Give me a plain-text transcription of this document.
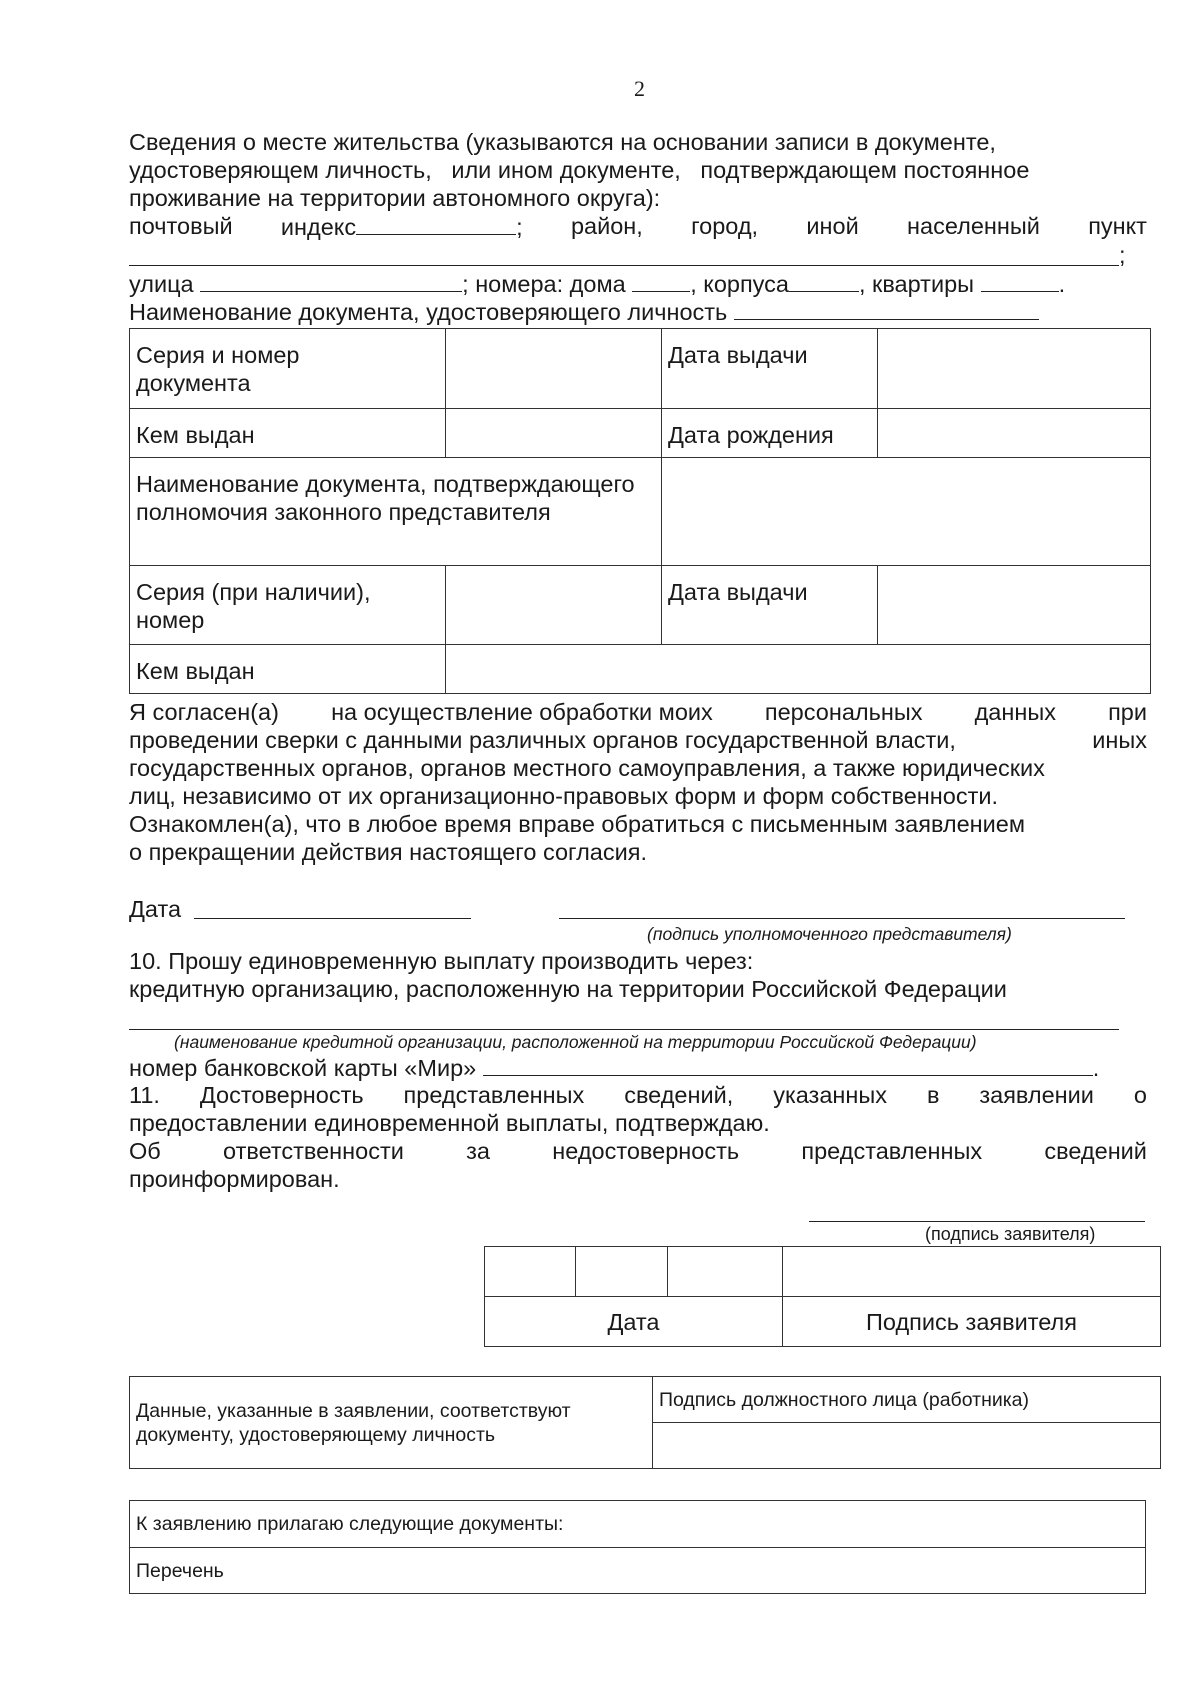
2
Сведения о месте жительства (указываются на основании записи в документе,
удостоверяющем личность,   или ином документе,   подтверждающем постоянное
проживание на территории автономного округа):
почтовый индекс	; район, город, иной населенный пункт
;
улица	; номера: дома	, корпуса	, квартиры	.
Наименование документа, удостоверяющего личность
Серия и номер документа		Дата выдачи	

Кем выдан		Дата рождения	

Наименование документа, подтверждающего полномочия законного представителя			

Серия (при наличии), номер		Дата выдачи	

Кем выдан			

Я согласен(а) на осуществление обработки моих персональных данных при
проведении сверки с данными различных органов государственной власти,	иных
государственных органов, органов местного самоуправления, а также юридических
лиц, независимо от их организационно-правовых форм и форм собственности.
Ознакомлен(а), что в любое время вправе обратиться с письменным заявлением
о прекращении действия настоящего согласия.
Дата
(подпись уполномоченного представителя)
10. Прошу единовременную выплату производить через:
кредитную организацию, расположенную на территории Российской Федерации
(наименование кредитной организации, расположенной на территории Российской Федерации)
номер банковской карты «Мир»	.
11. Достоверность представленных сведений, указанных в заявлении о
предоставлении единовременной выплаты, подтверждаю.
Об	ответственности	за	недостоверность	представленных	сведений
проинформирован.
(подпись заявителя)

Дата			Подпись заявителя
Данные, указанные в заявлении, соответствуют документу, удостоверяющему личность

Подпись должностного лица (работника)

К заявлению прилагаю следующие документы:

Перечень
